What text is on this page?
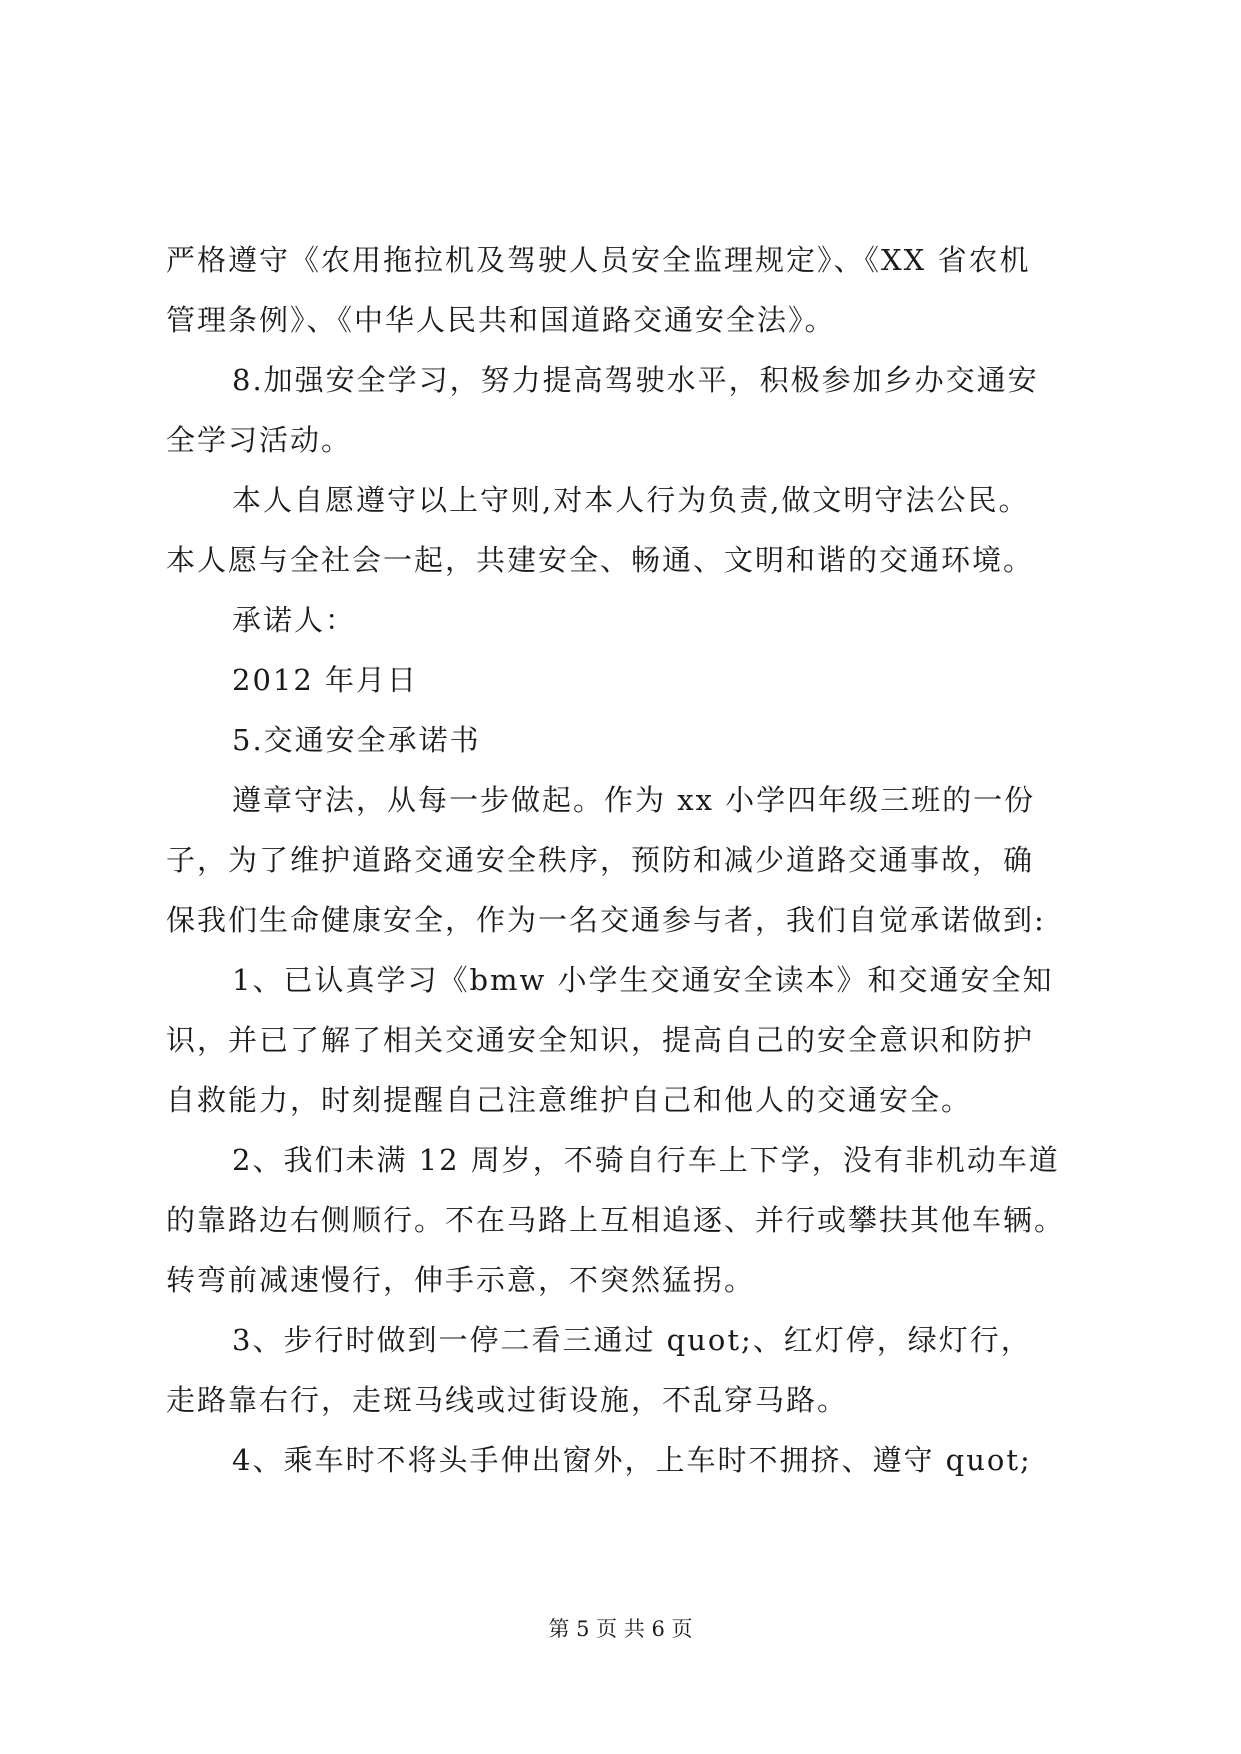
严格遵守《农用拖拉机及驾驶人员安全监理规定》、《XX 省农机
管理条例》、《中华人民共和国道路交通安全法》。
8.加强安全学习，努力提高驾驶水平，积极参加乡办交通安
全学习活动。
本人自愿遵守以上守则,对本人行为负责,做文明守法公民。
本人愿与全社会一起，共建安全、畅通、文明和谐的交通环境。
承诺人：
2012 年月日
5.交通安全承诺书
遵章守法，从每一步做起。作为 xx 小学四年级三班的一份
子，为了维护道路交通安全秩序，预防和减少道路交通事故，确
保我们生命健康安全，作为一名交通参与者，我们自觉承诺做到:
1、已认真学习《bmw 小学生交通安全读本》和交通安全知
识，并已了解了相关交通安全知识，提高自己的安全意识和防护
自救能力，时刻提醒自己注意维护自己和他人的交通安全。
2、我们未满 12 周岁，不骑自行车上下学，没有非机动车道
的靠路边右侧顺行。不在马路上互相追逐、并行或攀扶其他车辆。
转弯前减速慢行，伸手示意，不突然猛拐。
3、步行时做到一停二看三通过 quot;、红灯停，绿灯行，
走路靠右行，走斑马线或过街设施，不乱穿马路。
4、乘车时不将头手伸出窗外，上车时不拥挤、遵守 quot;
第 5 页 共 6 页
